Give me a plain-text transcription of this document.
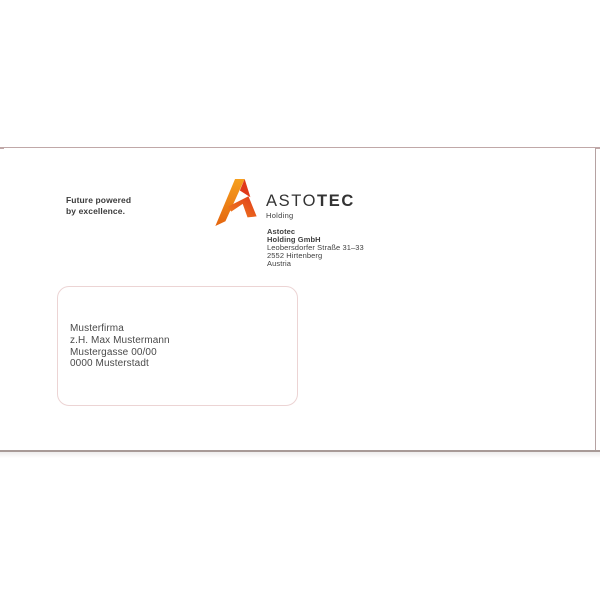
Future powered
by excellence.
ASTOTEC
Holding
Astotec
Holding GmbH
Leobersdorfer Straße 31–33
2552 Hirtenberg
Austria
Musterfirma
z.H. Max Mustermann
Mustergasse 00/00
0000 Musterstadt
